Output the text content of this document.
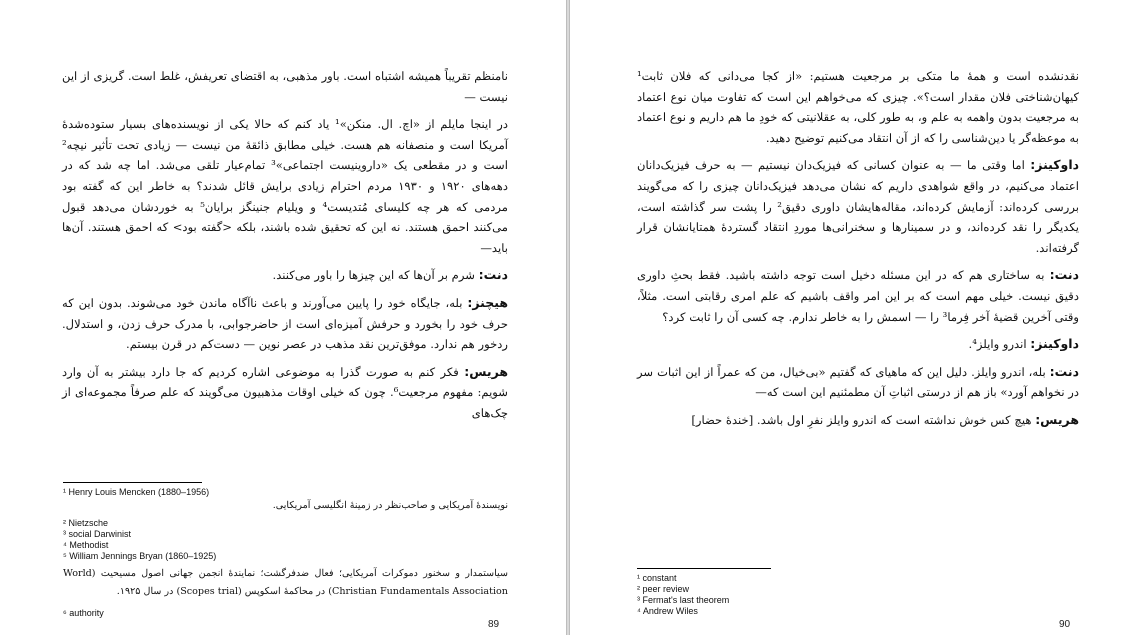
نامنظم تقریباً همیشه اشتباه است. باور مذهبی، به اقتضای تعریفش، غلط است. گریزی از این نیست —

در اینجا مایلم از «اچ. ال. منکن»¹ یاد کنم که حالا یکی از نویسنده‌های بسیار ستوده‌شدهٔ آمریکا است و منصفانه هم هست. خیلی مطابق ذائقهٔ من نیست — زیادی تحت تأثیر نیچه² است و در مقطعی یک «داروینیست اجتماعی»³ تمام‌عیار تلقی می‌شد. اما چه شد که در دهه‌های ۱۹۲۰ و ۱۹۳۰ مردم احترام زیادی برایش قائل شدند؟ به خاطر این که گفته بود مردمی که هر چه کلیسای مُتدیست⁴ و ویلیام جنینگز برایان⁵ به خوردشان می‌دهد قبول می‌کنند احمق هستند. نه این که تحقیق شده باشند، بلکه <گفته بود> که احمق هستند. آن‌ها باید—

دنت: شرم بر آن‌ها که این چیزها را باور می‌کنند.

هیچنز: بله، جایگاه خود را پایین می‌آورند و باعث ناآگاه ماندن خود می‌شوند. بدون این که حرف خود را بخورد و حرفش آمیزه‌ای است از حاضرجوابی، با مدرک حرف زدن، و استدلال. ردخور هم ندارد. موفق‌ترین نقد مذهب در عصر نوین — دست‌کم در قرن بیستم.

هریس: فکر کنم به صورت گذرا به موضوعی اشاره کردیم که جا دارد بیشتر به آن وارد شویم: مفهوم مرجعیت⁶. چون که خیلی اوقات مذهبیون می‌گویند که علم صرفاً مجموعه‌ای از چک‌های

¹ Henry Louis Mencken (1880–1956)
نویسندهٔ آمریکایی و صاحب‌نظر در زمینهٔ انگلیسی آمریکایی.
² Nietzsche
³ social Darwinist
⁴ Methodist
⁵ William Jennings Bryan (1860–1925)
سیاستمدار و سخنور دموکرات آمریکایی؛ فعال ضدفرگشت؛ نمایندهٔ انجمن جهانی اصول مسیحیت (World Christian Fundamentals Association) در محاکمهٔ اسکوپس (Scopes trial) در سال ۱۹۲۵.
⁶ authority
89

نقدنشده است و همهٔ ما متکی بر مرجعیت هستیم: «از کجا می‌دانی که فلان ثابت¹ کیهان‌شناختی فلان مقدار است؟». چیزی که می‌خواهم این است که تفاوت میان نوع اعتماد به مرجعیت بدون واهمه به علم و، به طور کلی، به عقلانیتی که خودِ ما هم داریم و نوع اعتماد به موعظه‌گر یا دین‌شناسی را که از آن انتقاد می‌کنیم توضیح دهید.

داوکینز: اما وقتی ما — به عنوان کسانی که فیزیک‌دان نیستیم — به حرف فیزیک‌دانان اعتماد می‌کنیم، در واقع شواهدی داریم که نشان می‌دهد فیزیک‌دانان چیزی را که می‌گویند بررسی کرده‌اند: آزمایش کرده‌اند، مقاله‌هایشان داوری دقیق² را پشت سر گذاشته است، یکدیگر را نقد کرده‌اند، و در سمینارها و سخنرانی‌ها موردِ انتقاد گستردهٔ همتایانشان قرار گرفته‌اند.

دنت: به ساختاری هم که در این مسئله دخیل است توجه داشته باشید. فقط بحثِ داوری دقیق نیست. خیلی مهم است که بر این امر واقف باشیم که علم امری رقابتی است. مثلاً، وقتی آخرین قضیهٔ آخر فِرما³ را — اسمش را به خاطر ندارم. چه کسی آن را ثابت کرد؟

داوکینز: اندرو وایلز⁴.

دنت: بله، اندرو وایلز. دلیل این که ماهیای که گفتیم «بی‌خیال، من که عمراً از این اثبات سر در نخواهم آورد» باز هم از درستی اثباتِ آن مطمئنیم این است که—

هریس: هیچ کس خوش نداشته است که اندرو وایلز نفرِ اول باشد. [خندهٔ حضار]

¹ constant
² peer review
³ Fermat's last theorem
⁴ Andrew Wiles
90
